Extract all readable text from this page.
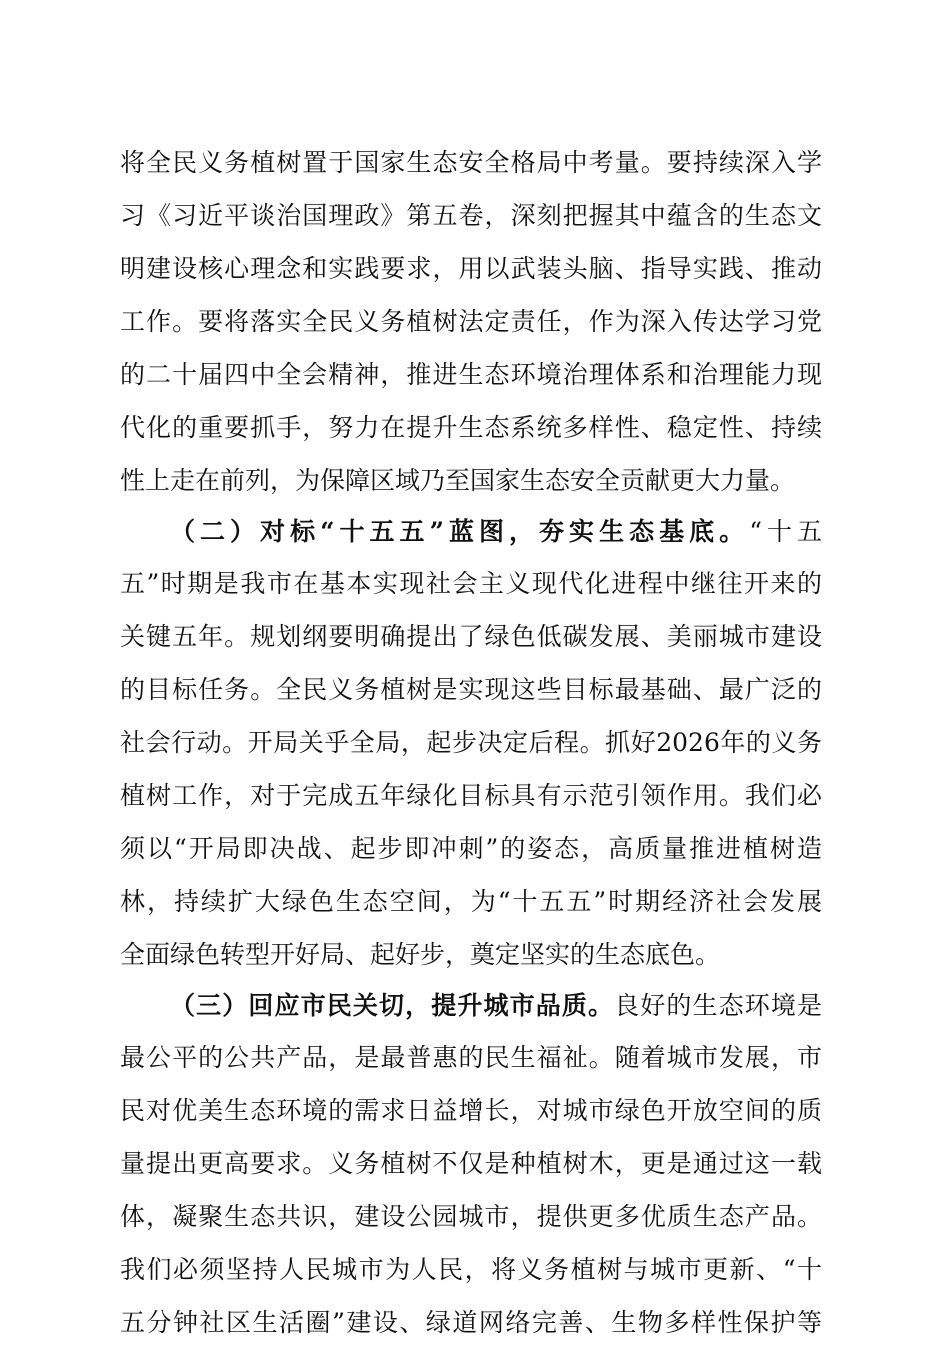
将全民义务植树置于国家生态安全格局中考量。要持续深入学
习《习近平谈治国理政》第五卷，深刻把握其中蕴含的生态文
明建设核心理念和实践要求，用以武装头脑、指导实践、推动
工作。要将落实全民义务植树法定责任，作为深入传达学习党
的二十届四中全会精神，推进生态环境治理体系和治理能力现
代化的重要抓手，努力在提升生态系统多样性、稳定性、持续
性上走在前列，为保障区域乃至国家生态安全贡献更大力量。
（二）对标“十五五”蓝图，夯实生态基底。“十五
五”时期是我市在基本实现社会主义现代化进程中继往开来的
关键五年。规划纲要明确提出了绿色低碳发展、美丽城市建设
的目标任务。全民义务植树是实现这些目标最基础、最广泛的
社会行动。开局关乎全局，起步决定后程。抓好2026年的义务
植树工作，对于完成五年绿化目标具有示范引领作用。我们必
须以“开局即决战、起步即冲刺”的姿态，高质量推进植树造
林，持续扩大绿色生态空间，为“十五五”时期经济社会发展
全面绿色转型开好局、起好步，奠定坚实的生态底色。
（三）回应市民关切，提升城市品质。良好的生态环境是
最公平的公共产品，是最普惠的民生福祉。随着城市发展，市
民对优美生态环境的需求日益增长，对城市绿色开放空间的质
量提出更高要求。义务植树不仅是种植树木，更是通过这一载
体，凝聚生态共识，建设公园城市，提供更多优质生态产品。
我们必须坚持人民城市为人民，将义务植树与城市更新、“十
五分钟社区生活圈”建设、绿道网络完善、生物多样性保护等
